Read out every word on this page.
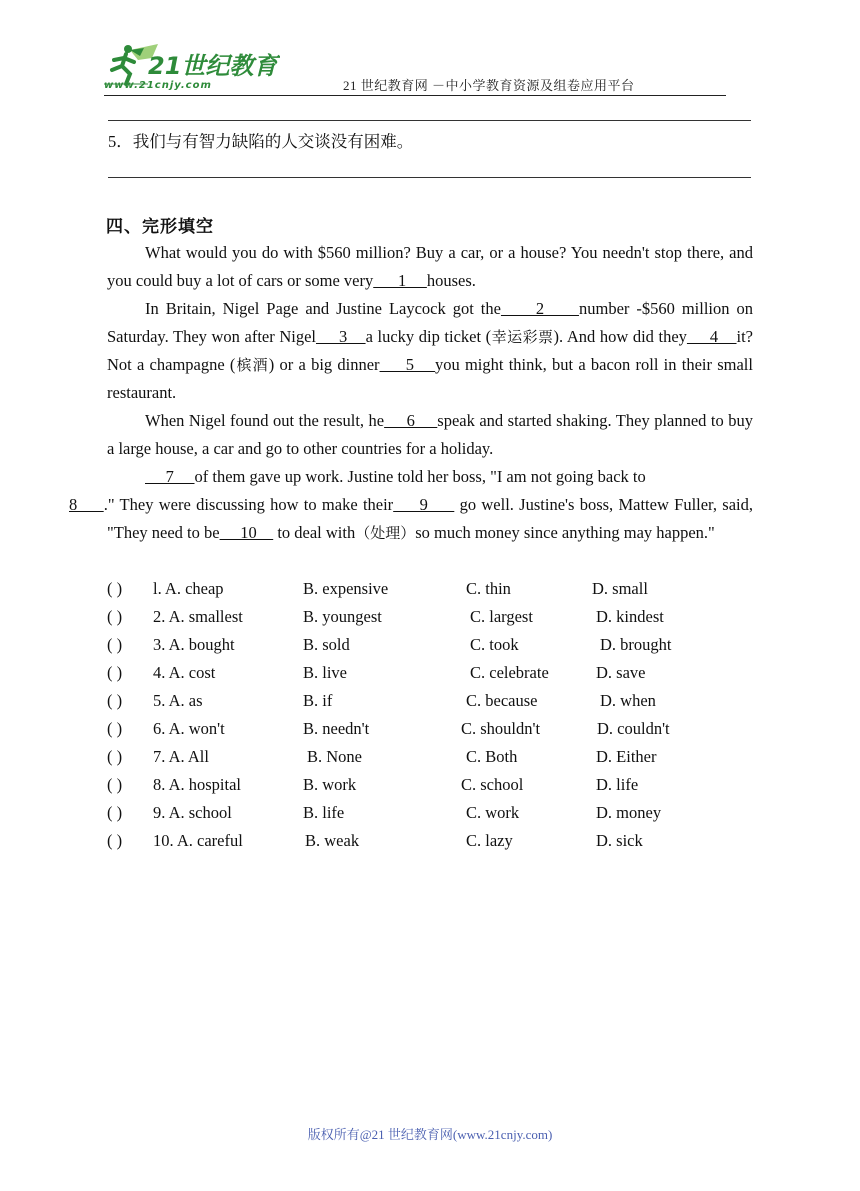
21世纪教育
www.21cnjy.com	21 世纪教育网 －中小学教育资源及组卷应用平台
5．我们与有智力缺陷的人交谈没有困难。
四、完形填空

What would you do with $560 million? Buy a car, or a house? You needn't stop there, and you could buy a lot of cars or some very      1     houses.

In Britain, Nigel Page and Justine Laycock got the     2     number -$560 million on Saturday. They won after Nigel     3    a lucky dip ticket (幸运彩票). And how did they     4    it? Not a champagne (槟酒) or a big dinner     5    you might think, but a bacon roll in their small restaurant.

When Nigel found out the result, he     6     speak and started shaking. They planned to buy a large house, a car and go to other countries for a holiday.

7     of them gave up work. Justine told her boss, "I am not going back to
8     ." They were discussing how to make their     9      go well. Justine's boss, Mattew Fuller, said, "They need to be     10     to deal with（处理）so much money since anything may happen."

( ) l. A. cheap	B. expensive	C. thin	D. small
( ) 2. A. smallest	B. youngest	C. largest	D. kindest
( ) 3. A. bought	B. sold	C. took	D. brought
( ) 4. A. cost	B. live	C. celebrate	D. save
( ) 5. A. as	B. if	C. because	D. when
( ) 6. A. won't	B. needn't	C. shouldn't	D. couldn't
( ) 7. A. All	B. None	C. Both	D. Either
( ) 8. A. hospital	B. work	C. school	D. life
( ) 9. A. school	B. life	C. work	D. money
( ) 10. A. careful	B. weak	C. lazy	D. sick
版权所有@21 世纪教育网(www.21cnjy.com)
